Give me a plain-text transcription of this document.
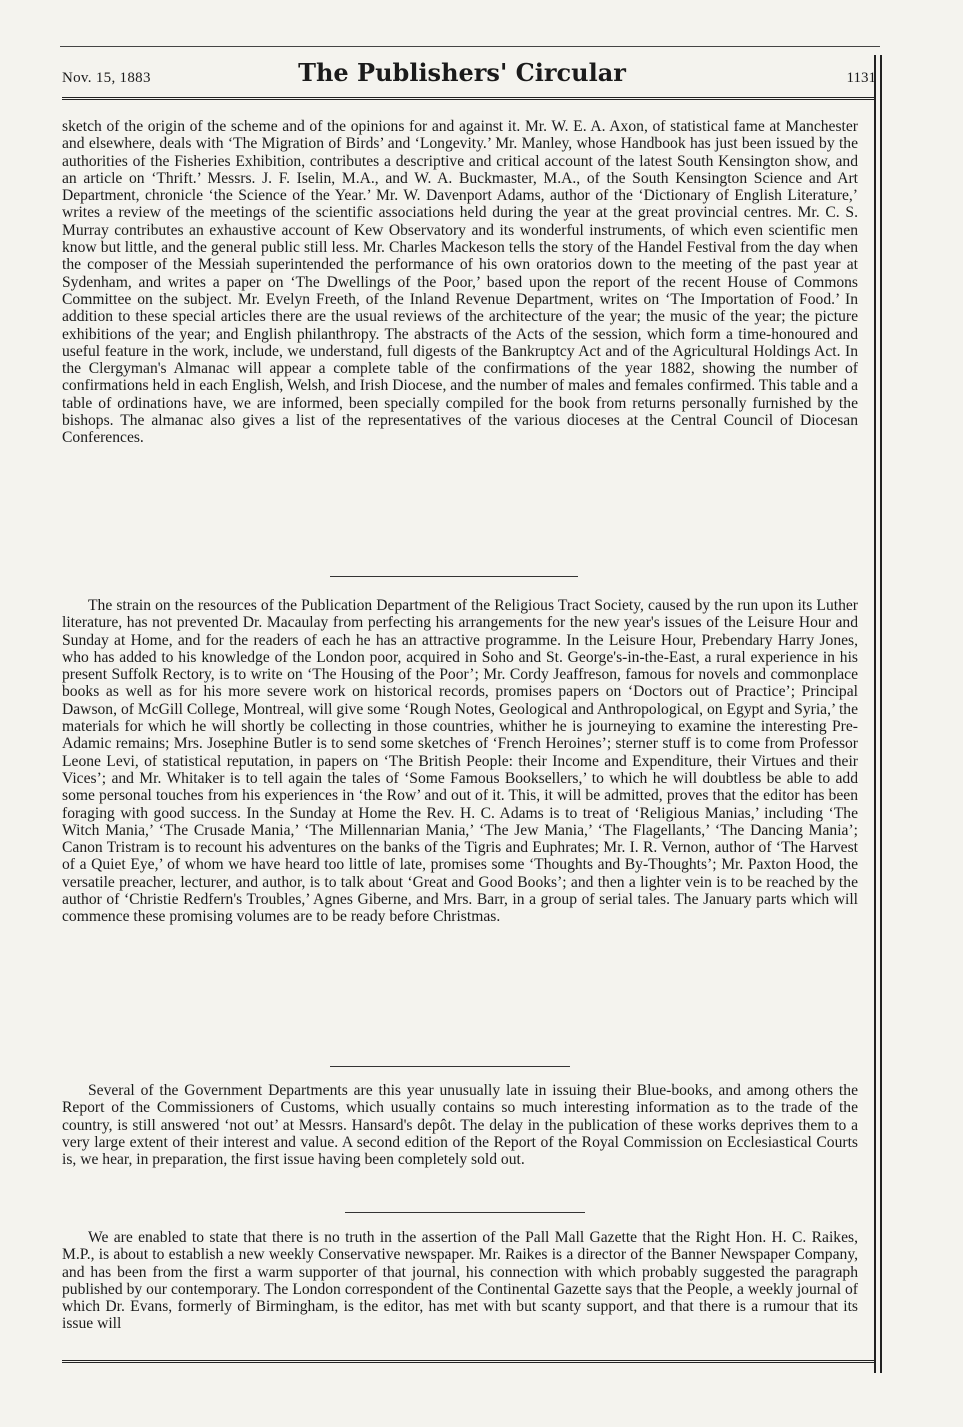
Nov. 15, 1883	The Publishers' Circular	1131

sketch of the origin of the scheme and of the opinions for and against it. Mr. W. E. A. Axon, of statistical fame at Manchester and elsewhere, deals with ‘The Migration of Birds’ and ‘Longevity.’ Mr. Manley, whose Handbook has just been issued by the authorities of the Fisheries Exhibition, contributes a descriptive and critical account of the latest South Kensington show, and an article on ‘Thrift.’ Messrs. J. F. Iselin, M.A., and W. A. Buckmaster, M.A., of the South Kensington Science and Art Department, chronicle ‘the Science of the Year.’ Mr. W. Davenport Adams, author of the ‘Dictionary of English Literature,’ writes a review of the meetings of the scientific associations held during the year at the great provincial centres. Mr. C. S. Murray contributes an exhaustive account of Kew Observatory and its wonderful instruments, of which even scientific men know but little, and the general public still less. Mr. Charles Mackeson tells the story of the Handel Festival from the day when the composer of the Messiah superintended the performance of his own oratorios down to the meeting of the past year at Sydenham, and writes a paper on ‘The Dwellings of the Poor,’ based upon the report of the recent House of Commons Committee on the subject. Mr. Evelyn Freeth, of the Inland Revenue Department, writes on ‘The Importation of Food.’ In addition to these special articles there are the usual reviews of the architecture of the year; the music of the year; the picture exhibitions of the year; and English philanthropy. The abstracts of the Acts of the session, which form a time-honoured and useful feature in the work, include, we understand, full digests of the Bankruptcy Act and of the Agricultural Holdings Act. In the Clergyman's Almanac will appear a complete table of the confirmations of the year 1882, showing the number of confirmations held in each English, Welsh, and Irish Diocese, and the number of males and females confirmed. This table and a table of ordinations have, we are informed, been specially compiled for the book from returns personally furnished by the bishops. The almanac also gives a list of the representatives of the various dioceses at the Central Council of Diocesan Conferences.

The strain on the resources of the Publication Department of the Religious Tract Society, caused by the run upon its Luther literature, has not prevented Dr. Macaulay from perfecting his arrangements for the new year's issues of the Leisure Hour and Sunday at Home, and for the readers of each he has an attractive programme. In the Leisure Hour, Prebendary Harry Jones, who has added to his knowledge of the London poor, acquired in Soho and St. George's-in-the-East, a rural experience in his present Suffolk Rectory, is to write on ‘The Housing of the Poor’; Mr. Cordy Jeaffreson, famous for novels and commonplace books as well as for his more severe work on historical records, promises papers on ‘Doctors out of Practice’; Principal Dawson, of McGill College, Montreal, will give some ‘Rough Notes, Geological and Anthropological, on Egypt and Syria,’ the materials for which he will shortly be collecting in those countries, whither he is journeying to examine the interesting Pre-Adamic remains; Mrs. Josephine Butler is to send some sketches of ‘French Heroines’; sterner stuff is to come from Professor Leone Levi, of statistical reputation, in papers on ‘The British People: their Income and Expenditure, their Virtues and their Vices’; and Mr. Whitaker is to tell again the tales of ‘Some Famous Booksellers,’ to which he will doubtless be able to add some personal touches from his experiences in ‘the Row’ and out of it. This, it will be admitted, proves that the editor has been foraging with good success. In the Sunday at Home the Rev. H. C. Adams is to treat of ‘Religious Manias,’ including ‘The Witch Mania,’ ‘The Crusade Mania,’ ‘The Millennarian Mania,’ ‘The Jew Mania,’ ‘The Flagellants,’ ‘The Dancing Mania’; Canon Tristram is to recount his adventures on the banks of the Tigris and Euphrates; Mr. I. R. Vernon, author of ‘The Harvest of a Quiet Eye,’ of whom we have heard too little of late, promises some ‘Thoughts and By-Thoughts’; Mr. Paxton Hood, the versatile preacher, lecturer, and author, is to talk about ‘Great and Good Books’; and then a lighter vein is to be reached by the author of ‘Christie Redfern's Troubles,’ Agnes Giberne, and Mrs. Barr, in a group of serial tales. The January parts which will commence these promising volumes are to be ready before Christmas.

Several of the Government Departments are this year unusually late in issuing their Blue-books, and among others the Report of the Commissioners of Customs, which usually contains so much interesting information as to the trade of the country, is still answered ‘not out’ at Messrs. Hansard's depôt. The delay in the publication of these works deprives them to a very large extent of their interest and value. A second edition of the Report of the Royal Commission on Ecclesiastical Courts is, we hear, in preparation, the first issue having been completely sold out.

We are enabled to state that there is no truth in the assertion of the Pall Mall Gazette that the Right Hon. H. C. Raikes, M.P., is about to establish a new weekly Conservative newspaper. Mr. Raikes is a director of the Banner Newspaper Company, and has been from the first a warm supporter of that journal, his connection with which probably suggested the paragraph published by our contemporary. The London correspondent of the Continental Gazette says that the People, a weekly journal of which Dr. Evans, formerly of Birmingham, is the editor, has met with but scanty support, and that there is a rumour that its issue will
